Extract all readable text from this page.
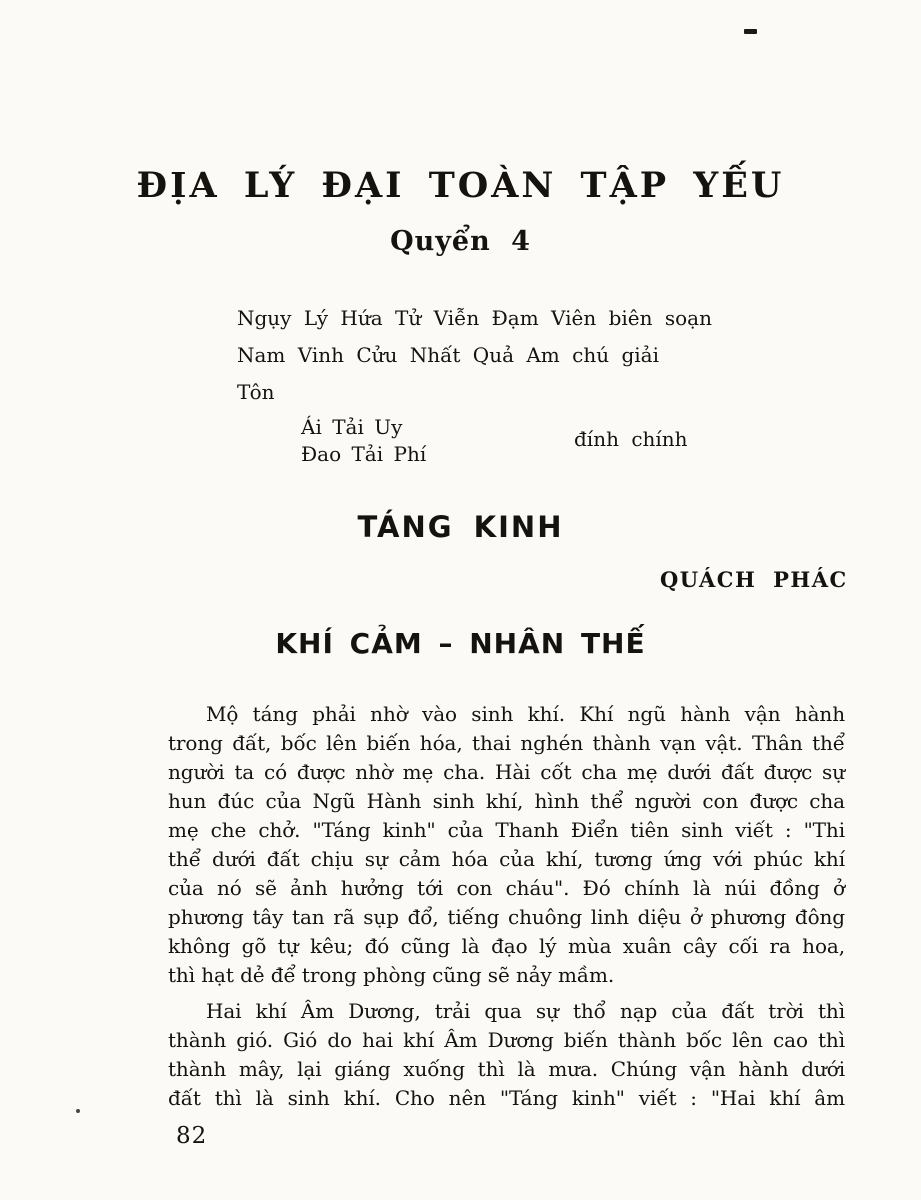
ĐỊA LÝ ĐẠI TOÀN TẬP YẾU
Quyển 4
Ngụy Lý Hứa Tử Viễn Đạm Viên biên soạn
Nam Vinh Cửu Nhất Quả Am chú giải
Tôn
Ái Tải Uy
Đao Tải Phí
đính chính
TÁNG KINH
QUÁCH PHÁC
KHÍ CẢM – NHÂN THẾ
Mộ táng phải nhờ vào sinh khí. Khí ngũ hành vận hành
trong đất, bốc lên biến hóa, thai nghén thành vạn vật. Thân thể
người ta có được nhờ mẹ cha. Hài cốt cha mẹ dưới đất được sự
hun đúc của Ngũ Hành sinh khí, hình thể người con được cha
mẹ che chở. "Táng kinh" của Thanh Điển tiên sinh viết : "Thi
thể dưới đất chịu sự cảm hóa của khí, tương ứng với phúc khí
của nó sẽ ảnh hưởng tới con cháu". Đó chính là núi đồng ở
phương tây tan rã sụp đổ, tiếng chuông linh diệu ở phương đông
không gõ tự kêu; đó cũng là đạo lý mùa xuân cây cối ra hoa,
thì hạt dẻ để trong phòng cũng sẽ nảy mầm.
Hai khí Âm Dương, trải qua sự thổ nạp của đất trời thì
thành gió. Gió do hai khí Âm Dương biến thành bốc lên cao thì
thành mây, lại giáng xuống thì là mưa. Chúng vận hành dưới
đất thì là sinh khí. Cho nên "Táng kinh" viết : "Hai khí âm
82
